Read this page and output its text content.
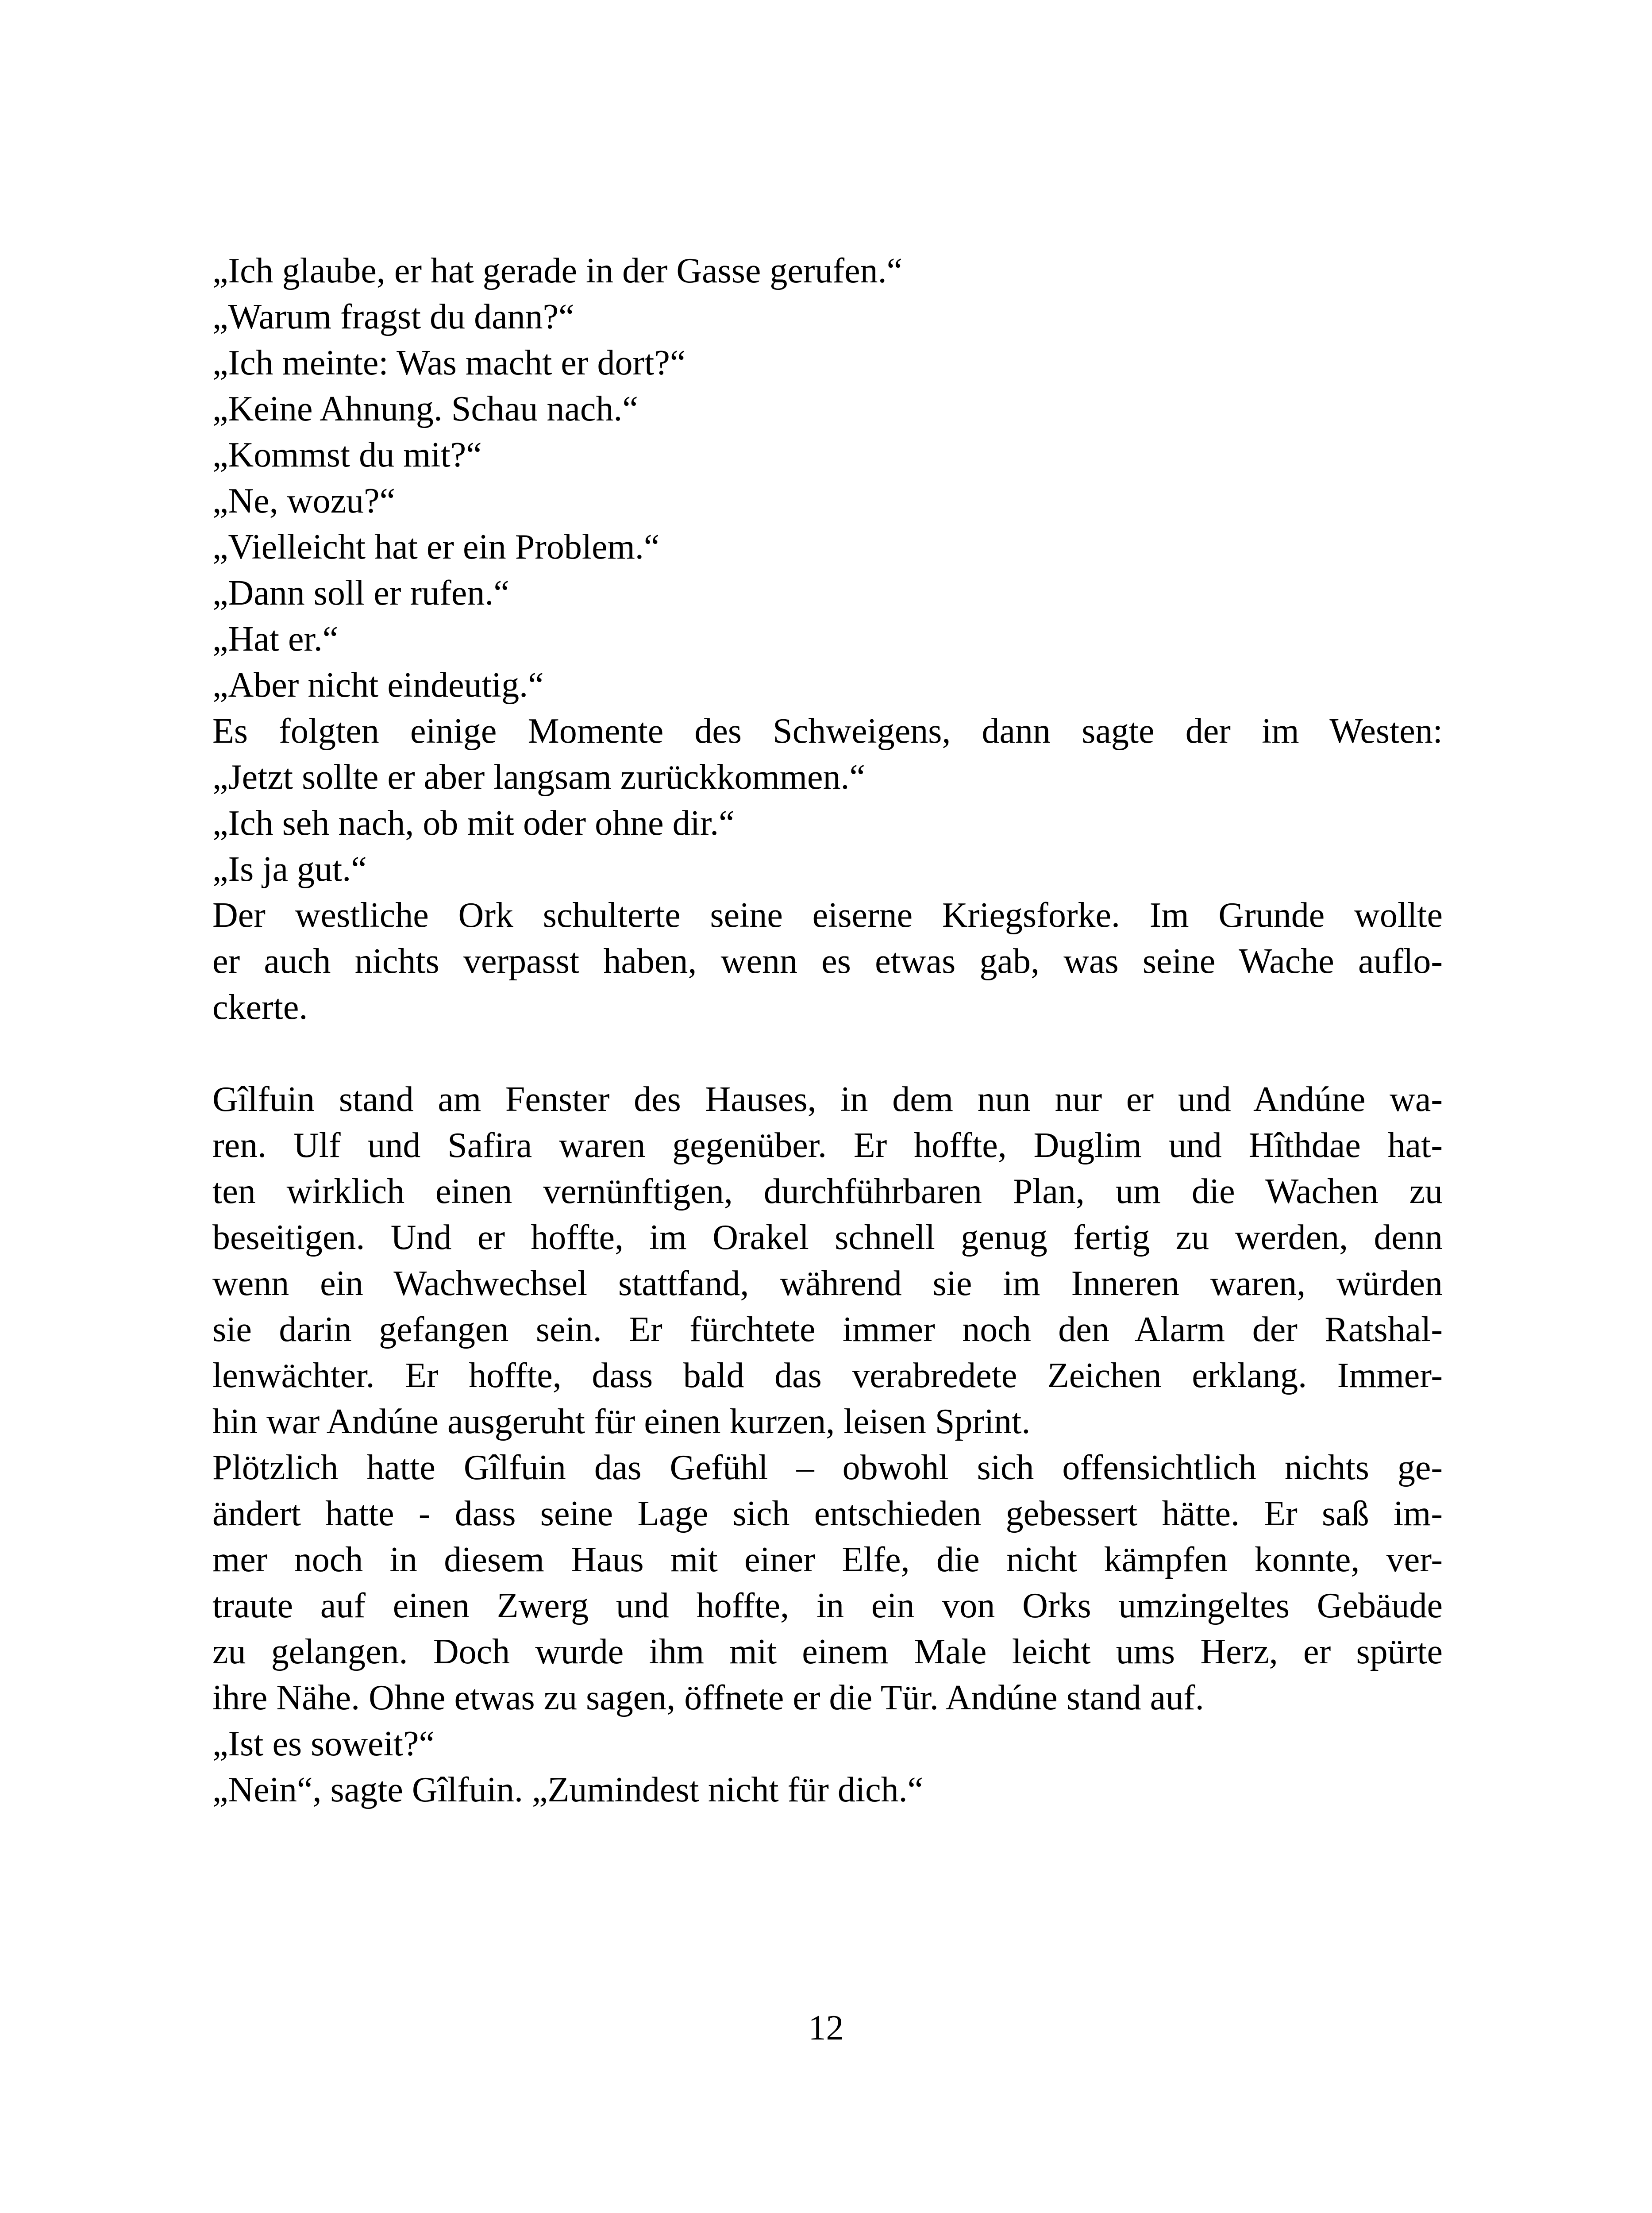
„Ich glaube, er hat gerade in der Gasse gerufen.“
„Warum fragst du dann?“
„Ich meinte: Was macht er dort?“
„Keine Ahnung. Schau nach.“
„Kommst du mit?“
„Ne, wozu?“
„Vielleicht hat er ein Problem.“
„Dann soll er rufen.“
„Hat er.“
„Aber nicht eindeutig.“
Es folgten einige Momente des Schweigens, dann sagte der im Westen:
„Jetzt sollte er aber langsam zurückkommen.“
„Ich seh nach, ob mit oder ohne dir.“
„Is ja gut.“
Der westliche Ork schulterte seine eiserne Kriegsforke. Im Grunde wollte
er auch nichts verpasst haben, wenn es etwas gab, was seine Wache auflo-
ckerte.
Gîlfuin stand am Fenster des Hauses, in dem nun nur er und Andúne wa-
ren. Ulf und Safira waren gegenüber. Er hoffte, Duglim und Hîthdae hat-
ten wirklich einen vernünftigen, durchführbaren Plan, um die Wachen zu
beseitigen. Und er hoffte, im Orakel schnell genug fertig zu werden, denn
wenn ein Wachwechsel stattfand, während sie im Inneren waren, würden
sie darin gefangen sein. Er fürchtete immer noch den Alarm der Ratshal-
lenwächter. Er hoffte, dass bald das verabredete Zeichen erklang. Immer-
hin war Andúne ausgeruht für einen kurzen, leisen Sprint.
Plötzlich hatte Gîlfuin das Gefühl – obwohl sich offensichtlich nichts ge-
ändert hatte - dass seine Lage sich entschieden gebessert hätte. Er saß im-
mer noch in diesem Haus mit einer Elfe, die nicht kämpfen konnte, ver-
traute auf einen Zwerg und hoffte, in ein von Orks umzingeltes Gebäude
zu gelangen. Doch wurde ihm mit einem Male leicht ums Herz, er spürte
ihre Nähe. Ohne etwas zu sagen, öffnete er die Tür. Andúne stand auf.
„Ist es soweit?“
„Nein“, sagte Gîlfuin. „Zumindest nicht für dich.“
12
